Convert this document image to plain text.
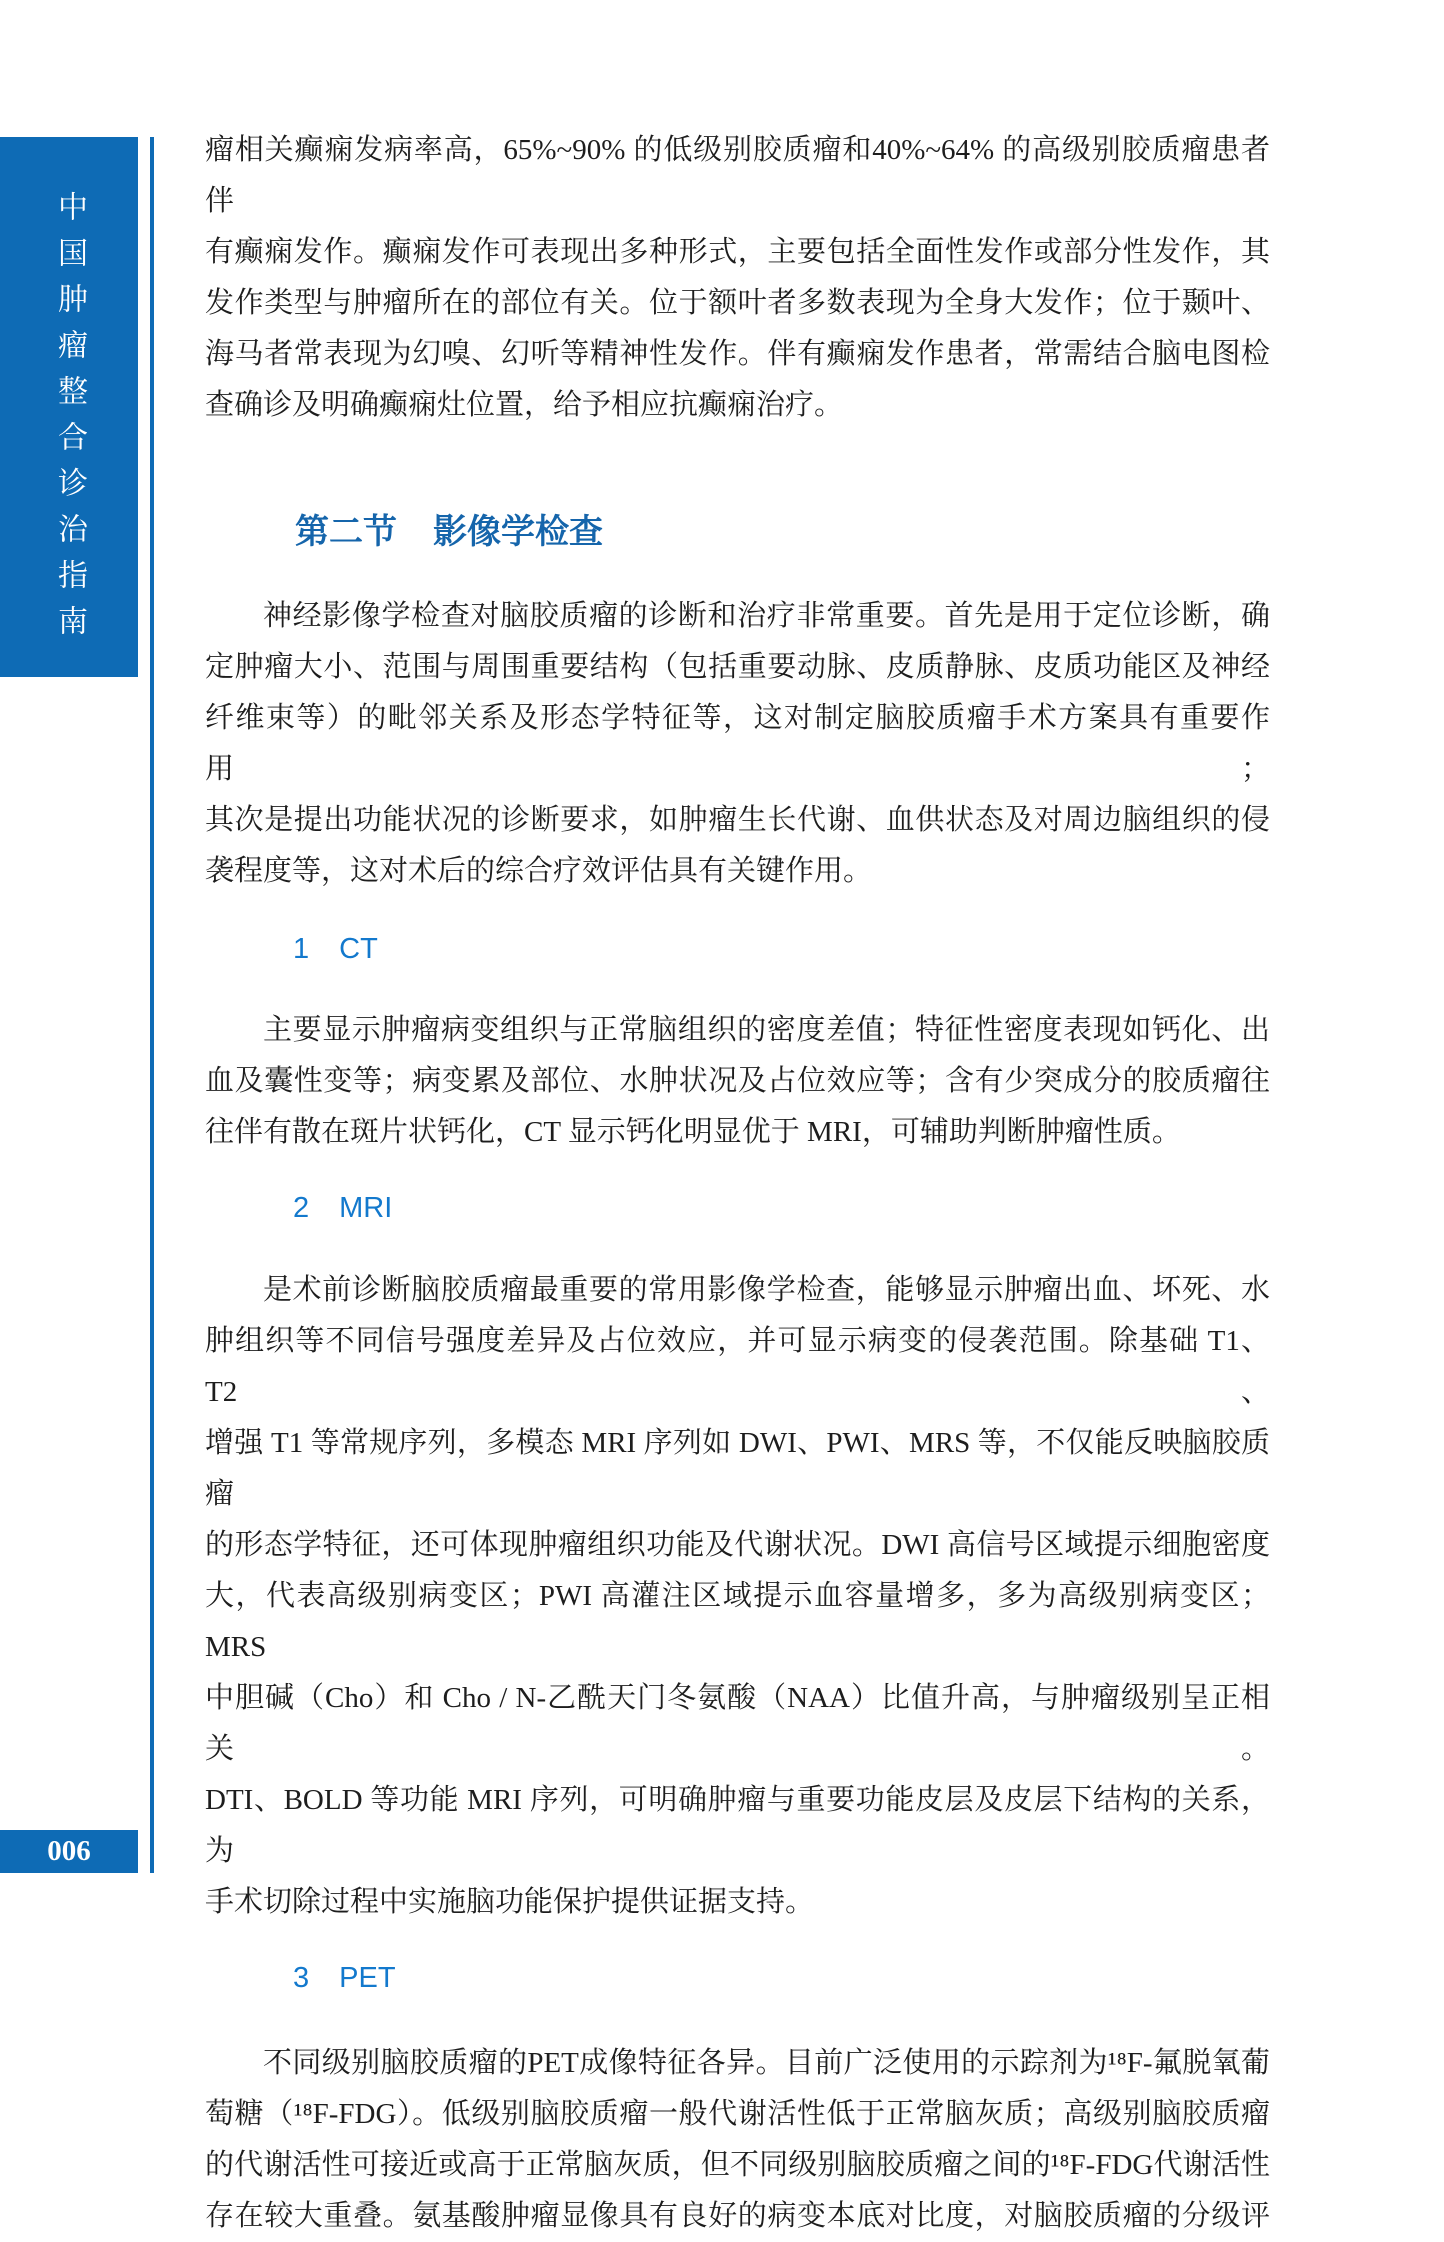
中国肿瘤整合诊治指南
006
瘤相关癫痫发病率高，65%~90% 的低级别胶质瘤和40%~64% 的高级别胶质瘤患者伴
有癫痫发作。癫痫发作可表现出多种形式，主要包括全面性发作或部分性发作，其
发作类型与肿瘤所在的部位有关。位于额叶者多数表现为全身大发作；位于颞叶、
海马者常表现为幻嗅、幻听等精神性发作。伴有癫痫发作患者，常需结合脑电图检
查确诊及明确癫痫灶位置，给予相应抗癫痫治疗。
第二节 影像学检查
神经影像学检查对脑胶质瘤的诊断和治疗非常重要。首先是用于定位诊断，确
定肿瘤大小、范围与周围重要结构（包括重要动脉、皮质静脉、皮质功能区及神经
纤维束等）的毗邻关系及形态学特征等，这对制定脑胶质瘤手术方案具有重要作用；
其次是提出功能状况的诊断要求，如肿瘤生长代谢、血供状态及对周边脑组织的侵
袭程度等，这对术后的综合疗效评估具有关键作用。
1 CT
主要显示肿瘤病变组织与正常脑组织的密度差值；特征性密度表现如钙化、出
血及囊性变等；病变累及部位、水肿状况及占位效应等；含有少突成分的胶质瘤往
往伴有散在斑片状钙化，CT 显示钙化明显优于 MRI，可辅助判断肿瘤性质。
2 MRI
是术前诊断脑胶质瘤最重要的常用影像学检查，能够显示肿瘤出血、坏死、水
肿组织等不同信号强度差异及占位效应，并可显示病变的侵袭范围。除基础 T1、T2、
增强 T1 等常规序列，多模态 MRI 序列如 DWI、PWI、MRS 等，不仅能反映脑胶质瘤
的形态学特征，还可体现肿瘤组织功能及代谢状况。DWI 高信号区域提示细胞密度
大，代表高级别病变区；PWI 高灌注区域提示血容量增多，多为高级别病变区；MRS
中胆碱（Cho）和 Cho / N-乙酰天门冬氨酸（NAA）比值升高，与肿瘤级别呈正相关。
DTI、BOLD 等功能 MRI 序列，可明确肿瘤与重要功能皮层及皮层下结构的关系，为
手术切除过程中实施脑功能保护提供证据支持。
3 PET
不同级别脑胶质瘤的PET成像特征各异。目前广泛使用的示踪剂为¹⁸F-氟脱氧葡
萄糖（¹⁸F-FDG）。低级别脑胶质瘤一般代谢活性低于正常脑灰质；高级别脑胶质瘤
的代谢活性可接近或高于正常脑灰质，但不同级别脑胶质瘤之间的¹⁸F-FDG代谢活性
存在较大重叠。氨基酸肿瘤显像具有良好的病变本底对比度，对脑胶质瘤的分级评
